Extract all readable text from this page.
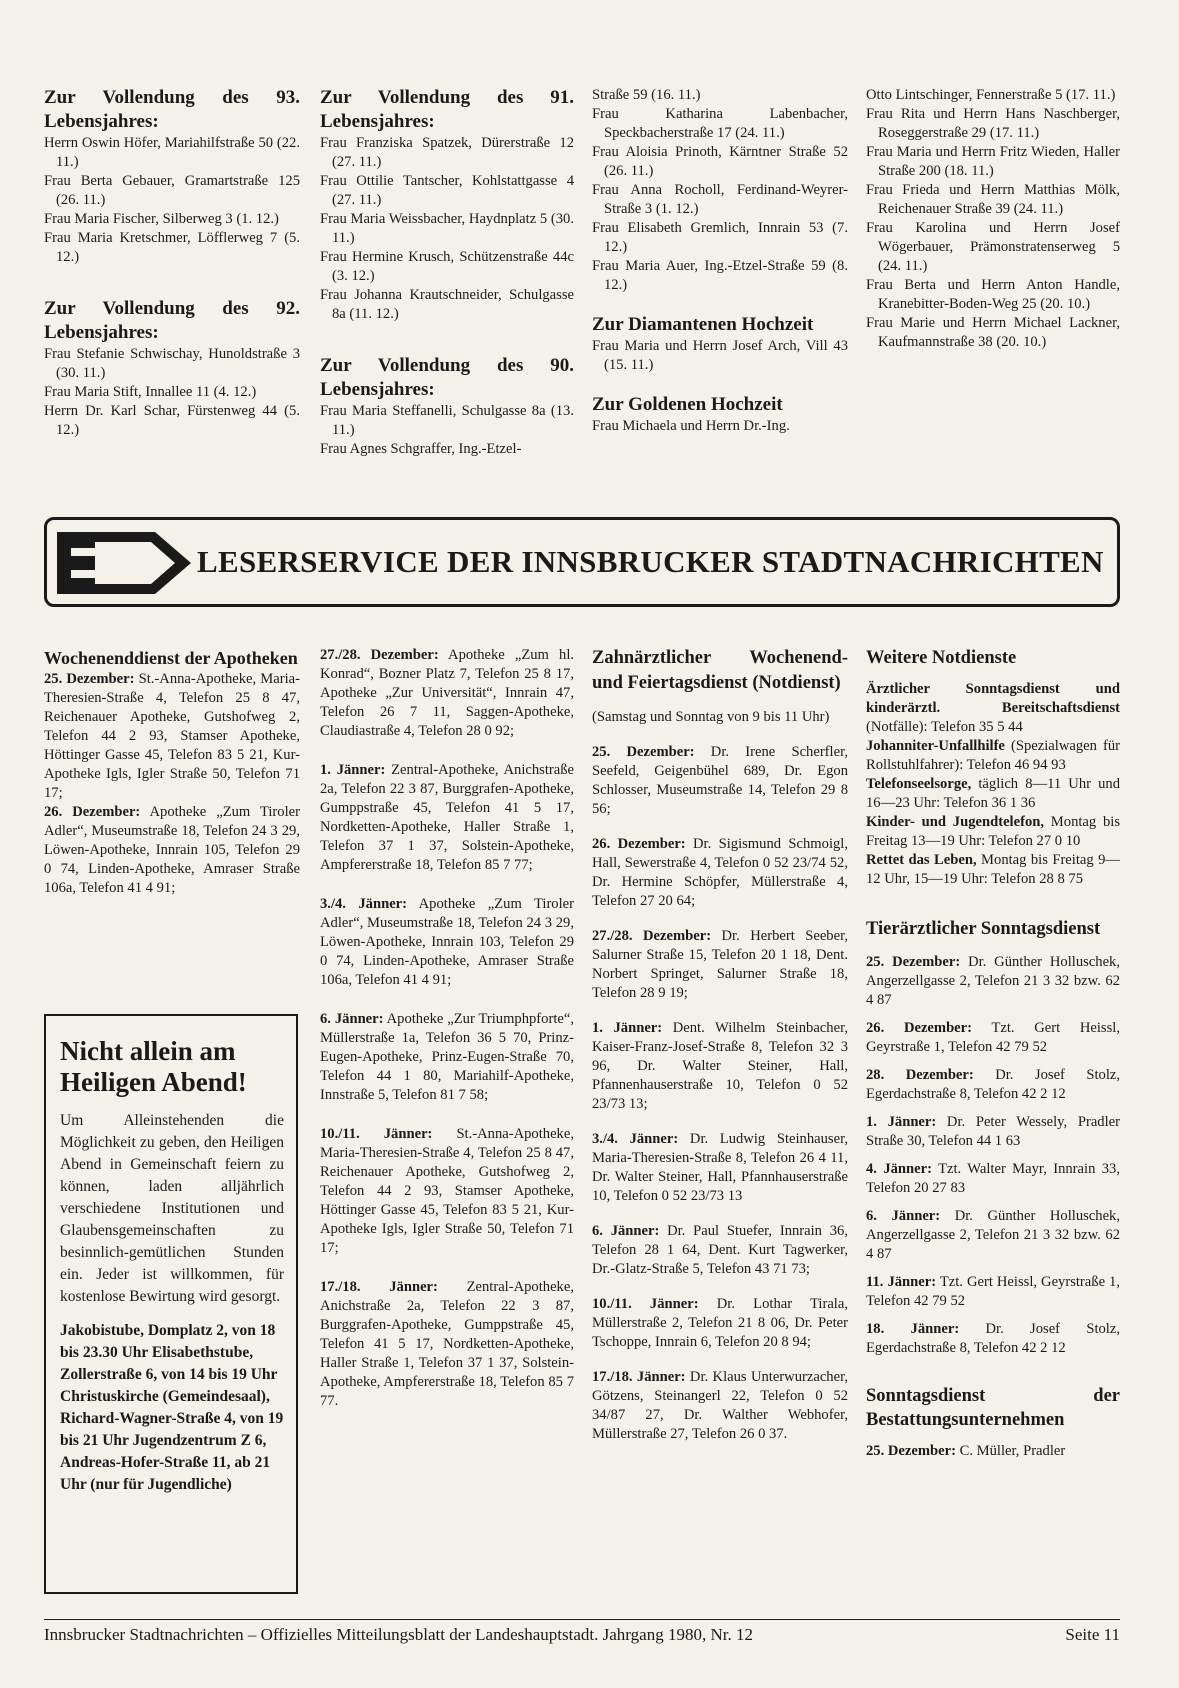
Zur Vollendung des 93. Lebensjahres:

Herrn Oswin Höfer, Mariahilfstraße 50 (22. 11.)

Frau Berta Gebauer, Gramartstraße 125 (26. 11.)

Frau Maria Fischer, Silberweg 3 (1. 12.)

Frau Maria Kretschmer, Löfflerweg 7 (5. 12.)

Zur Vollendung des 92. Lebensjahres:

Frau Stefanie Schwischay, Hunoldstraße 3 (30. 11.)

Frau Maria Stift, Innallee 11 (4. 12.)

Herrn Dr. Karl Schar, Fürstenweg 44 (5. 12.)

Zur Vollendung des 91. Lebensjahres:

Frau Franziska Spatzek, Dürerstraße 12 (27. 11.)

Frau Ottilie Tantscher, Kohlstattgasse 4 (27. 11.)

Frau Maria Weissbacher, Haydnplatz 5 (30. 11.)

Frau Hermine Krusch, Schützenstraße 44c (3. 12.)

Frau Johanna Krautschneider, Schulgasse 8a (11. 12.)

Zur Vollendung des 90. Lebensjahres:

Frau Maria Steffanelli, Schulgasse 8a (13. 11.)

Frau Agnes Schgraffer, Ing.-Etzel-

Straße 59 (16. 11.)

Frau Katharina Labenbacher, Speckbacherstraße 17 (24. 11.)

Frau Aloisia Prinoth, Kärntner Straße 52 (26. 11.)

Frau Anna Rocholl, Ferdinand-Weyrer-Straße 3 (1. 12.)

Frau Elisabeth Gremlich, Innrain 53 (7. 12.)

Frau Maria Auer, Ing.-Etzel-Straße 59 (8. 12.)

Zur Diamantenen Hochzeit

Frau Maria und Herrn Josef Arch, Vill 43 (15. 11.)

Zur Goldenen Hochzeit

Frau Michaela und Herrn Dr.-Ing.

Otto Lintschinger, Fennerstraße 5 (17. 11.)

Frau Rita und Herrn Hans Naschberger, Roseggerstraße 29 (17. 11.)

Frau Maria und Herrn Fritz Wieden, Haller Straße 200 (18. 11.)

Frau Frieda und Herrn Matthias Mölk, Reichenauer Straße 39 (24. 11.)

Frau Karolina und Herrn Josef Wögerbauer, Prämonstratenserweg 5 (24. 11.)

Frau Berta und Herrn Anton Handle, Kranebitter-Boden-Weg 25 (20. 10.)

Frau Marie und Herrn Michael Lackner, Kaufmannstraße 38 (20. 10.)

LESERSERVICE DER INNSBRUCKER STADTNACHRICHTEN
Wochenenddienst der Apotheken

25. Dezember: St.-Anna-Apotheke, Maria-Theresien-Straße 4, Telefon 25 8 47, Reichenauer Apotheke, Gutshofweg 2, Telefon 44 2 93, Stamser Apotheke, Höttinger Gasse 45, Telefon 83 5 21, Kur-Apotheke Igls, Igler Straße 50, Telefon 71 17;

26. Dezember: Apotheke „Zum Tiroler Adler“, Museumstraße 18, Telefon 24 3 29, Löwen-Apotheke, Innrain 105, Telefon 29 0 74, Linden-Apotheke, Amraser Straße 106a, Telefon 41 4 91;

Nicht allein am Heiligen Abend!

Um Alleinstehenden die Möglichkeit zu geben, den Heiligen Abend in Gemeinschaft feiern zu können, laden alljährlich verschiedene Institutionen und Glaubensgemeinschaften zu besinnlich-gemütlichen Stunden ein. Jeder ist willkommen, für kostenlose Bewirtung wird gesorgt.

Jakobistube, Domplatz 2, von 18 bis 23.30 Uhr Elisabethstube, Zollerstraße 6, von 14 bis 19 Uhr Christuskirche (Gemeindesaal), Richard-Wagner-Straße 4, von 19 bis 21 Uhr Jugendzentrum Z 6, Andreas-Hofer-Straße 11, ab 21 Uhr (nur für Jugendliche)

27./28. Dezember: Apotheke „Zum hl. Konrad“, Bozner Platz 7, Telefon 25 8 17, Apotheke „Zur Universität“, Innrain 47, Telefon 26 7 11, Saggen-Apotheke, Claudiastraße 4, Telefon 28 0 92;

1. Jänner: Zentral-Apotheke, Anichstraße 2a, Telefon 22 3 87, Burggrafen-Apotheke, Gumppstraße 45, Telefon 41 5 17, Nordketten-Apotheke, Haller Straße 1, Telefon 37 1 37, Solstein-Apotheke, Ampfererstraße 18, Telefon 85 7 77;

3./4. Jänner: Apotheke „Zum Tiroler Adler“, Museumstraße 18, Telefon 24 3 29, Löwen-Apotheke, Innrain 103, Telefon 29 0 74, Linden-Apotheke, Amraser Straße 106a, Telefon 41 4 91;

6. Jänner: Apotheke „Zur Triumphpforte“, Müllerstraße 1a, Telefon 36 5 70, Prinz-Eugen-Apotheke, Prinz-Eugen-Straße 70, Telefon 44 1 80, Mariahilf-Apotheke, Innstraße 5, Telefon 81 7 58;

10./11. Jänner: St.-Anna-Apotheke, Maria-Theresien-Straße 4, Telefon 25 8 47, Reichenauer Apotheke, Gutshofweg 2, Telefon 44 2 93, Stamser Apotheke, Höttinger Gasse 45, Telefon 83 5 21, Kur-Apotheke Igls, Igler Straße 50, Telefon 71 17;

17./18. Jänner: Zentral-Apotheke, Anichstraße 2a, Telefon 22 3 87, Burggrafen-Apotheke, Gumppstraße 45, Telefon 41 5 17, Nordketten-Apotheke, Haller Straße 1, Telefon 37 1 37, Solstein-Apotheke, Ampfererstraße 18, Telefon 85 7 77.

Zahnärztlicher Wochenend- und Feiertagsdienst (Notdienst)

(Samstag und Sonntag von 9 bis 11 Uhr)

25. Dezember: Dr. Irene Scherfler, Seefeld, Geigenbühel 689, Dr. Egon Schlosser, Museumstraße 14, Telefon 29 8 56;

26. Dezember: Dr. Sigismund Schmoigl, Hall, Sewerstraße 4, Telefon 0 52 23/74 52, Dr. Hermine Schöpfer, Müllerstraße 4, Telefon 27 20 64;

27./28. Dezember: Dr. Herbert Seeber, Salurner Straße 15, Telefon 20 1 18, Dent. Norbert Springet, Salurner Straße 18, Telefon 28 9 19;

1. Jänner: Dent. Wilhelm Steinbacher, Kaiser-Franz-Josef-Straße 8, Telefon 32 3 96, Dr. Walter Steiner, Hall, Pfannenhauserstraße 10, Telefon 0 52 23/73 13;

3./4. Jänner: Dr. Ludwig Steinhauser, Maria-Theresien-Straße 8, Telefon 26 4 11, Dr. Walter Steiner, Hall, Pfannhauserstraße 10, Telefon 0 52 23/73 13

6. Jänner: Dr. Paul Stuefer, Innrain 36, Telefon 28 1 64, Dent. Kurt Tagwerker, Dr.-Glatz-Straße 5, Telefon 43 71 73;

10./11. Jänner: Dr. Lothar Tirala, Müllerstraße 2, Telefon 21 8 06, Dr. Peter Tschoppe, Innrain 6, Telefon 20 8 94;

17./18. Jänner: Dr. Klaus Unterwurzacher, Götzens, Steinangerl 22, Telefon 0 52 34/87 27, Dr. Walther Webhofer, Müllerstraße 27, Telefon 26 0 37.

Weitere Notdienste

Ärztlicher Sonntagsdienst und kinderärztl. Bereitschaftsdienst (Notfälle): Telefon 35 5 44

Johanniter-Unfallhilfe (Spezialwagen für Rollstuhlfahrer): Telefon 46 94 93

Telefonseelsorge, täglich 8—11 Uhr und 16—23 Uhr: Telefon 36 1 36

Kinder- und Jugendtelefon, Montag bis Freitag 13—19 Uhr: Telefon 27 0 10

Rettet das Leben, Montag bis Freitag 9—12 Uhr, 15—19 Uhr: Telefon 28 8 75

Tierärztlicher Sonntagsdienst

25. Dezember: Dr. Günther Holluschek, Angerzellgasse 2, Telefon 21 3 32 bzw. 62 4 87

26. Dezember: Tzt. Gert Heissl, Geyrstraße 1, Telefon 42 79 52

28. Dezember: Dr. Josef Stolz, Egerdachstraße 8, Telefon 42 2 12

1. Jänner: Dr. Peter Wessely, Pradler Straße 30, Telefon 44 1 63

4. Jänner: Tzt. Walter Mayr, Innrain 33, Telefon 20 27 83

6. Jänner: Dr. Günther Holluschek, Angerzellgasse 2, Telefon 21 3 32 bzw. 62 4 87

11. Jänner: Tzt. Gert Heissl, Geyrstraße 1, Telefon 42 79 52

18. Jänner: Dr. Josef Stolz, Egerdachstraße 8, Telefon 42 2 12

Sonntagsdienst der Bestattungsunternehmen

25. Dezember: C. Müller, Pradler

Innsbrucker Stadtnachrichten – Offizielles Mitteilungsblatt der Landeshauptstadt. Jahrgang 1980, Nr. 12	Seite 11
